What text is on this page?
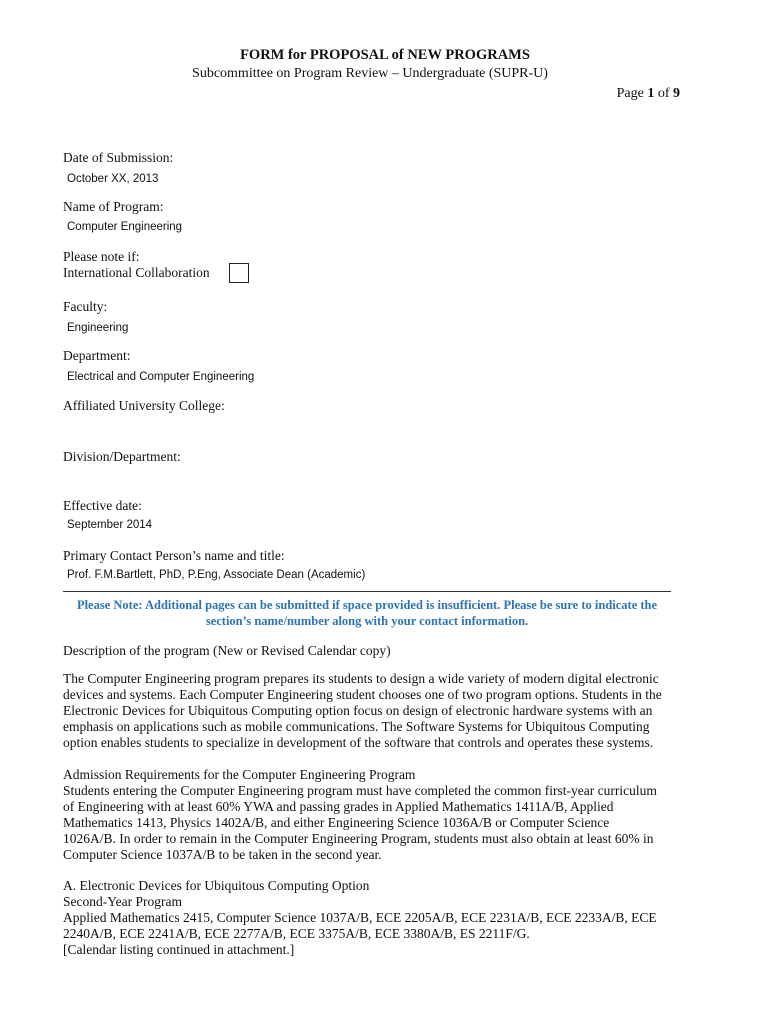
FORM for PROPOSAL of NEW PROGRAMS
Subcommittee on Program Review – Undergraduate (SUPR-U)
Page 1 of 9
Date of Submission:
October XX, 2013
Name of Program:
Computer Engineering
Please note if:
International Collaboration
Faculty:
Engineering
Department:
Electrical and Computer Engineering
Affiliated University College:
Division/Department:
Effective date:
September 2014
Primary Contact Person’s name and title:
Prof. F.M.Bartlett, PhD, P.Eng, Associate Dean (Academic)
Please Note: Additional pages can be submitted if space provided is insufficient. Please be sure to indicate the
section’s name/number along with your contact information.
Description of the program (New or Revised Calendar copy)
The Computer Engineering program prepares its students to design a wide variety of modern digital electronic
devices and systems. Each Computer Engineering student chooses one of two program options. Students in the
Electronic Devices for Ubiquitous Computing option focus on design of electronic hardware systems with an
emphasis on applications such as mobile communications. The Software Systems for Ubiquitous Computing
option enables students to specialize in development of the software that controls and operates these systems.
Admission Requirements for the Computer Engineering Program
Students entering the Computer Engineering program must have completed the common first-year curriculum
of Engineering with at least 60% YWA and passing grades in Applied Mathematics 1411A/B, Applied
Mathematics 1413, Physics 1402A/B, and either Engineering Science 1036A/B or Computer Science
1026A/B. In order to remain in the Computer Engineering Program, students must also obtain at least 60% in
Computer Science 1037A/B to be taken in the second year.
A. Electronic Devices for Ubiquitous Computing Option
Second-Year Program
Applied Mathematics 2415, Computer Science 1037A/B, ECE 2205A/B, ECE 2231A/B, ECE 2233A/B, ECE
2240A/B, ECE 2241A/B, ECE 2277A/B, ECE 3375A/B, ECE 3380A/B, ES 2211F/G.
[Calendar listing continued in attachment.]
